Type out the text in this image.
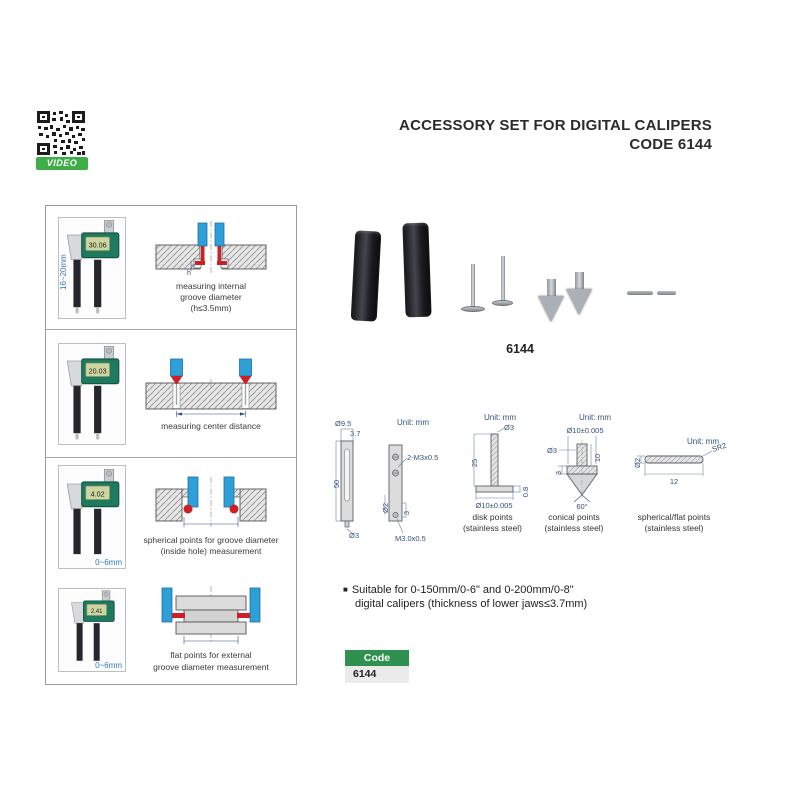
VIDEO
ACCESSORY SET FOR DIGITAL CALIPERS
CODE 6144
30.06
16~20mm	h
measuring internal
groove diameter
(h≤3.5mm)
20.03
measuring center distance
4.02
0~6mm
spherical points for groove diameter
(inside hole) measurement
2.41
0~6mm
flat points for external
groove diameter measurement
6144
Unit: mm
Ø9.5
3.7
50
Ø3
2-M3x0.5
Ø2 3
M3.0x0.5
Unit: mm
Ø3
25
0.8
Ø10±0.005
Unit: mm
Ø10±0.005
Ø3
10
3
60°
Unit: mm
SR2
Ø2
12
disk points
(stainless steel)
conical points
(stainless steel)
spherical/flat points
(stainless steel)
■ Suitable for 0-150mm/0-6" and 0-200mm/0-8"
digital calipers (thickness of lower jaws≤3.7mm)
Code
6144
